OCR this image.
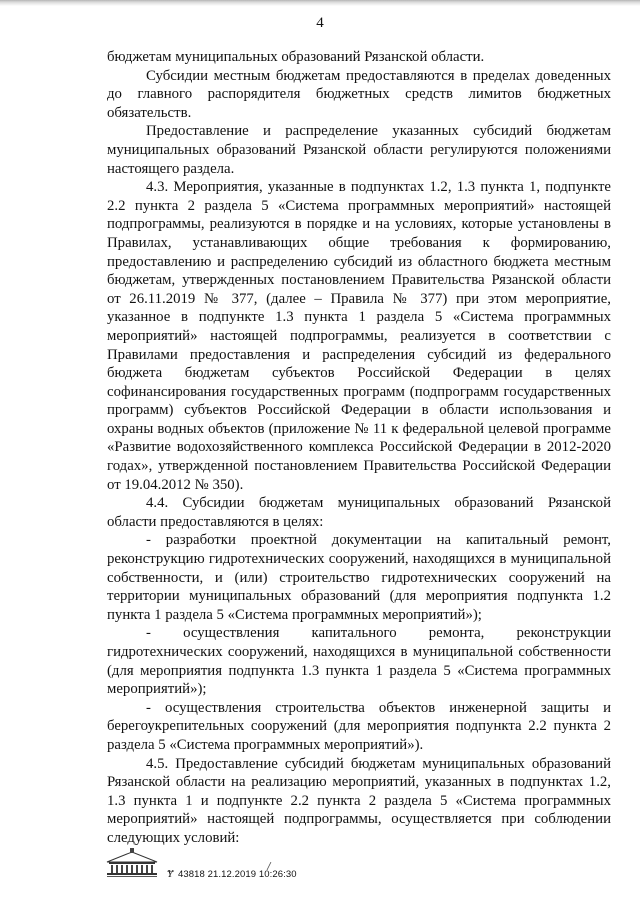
4

бюджетам муниципальных образований Рязанской области.

Субсидии местным бюджетам предоставляются в пределах доведенных до главного распорядителя бюджетных средств лимитов бюджетных обязательств.

Предоставление и распределение указанных субсидий бюджетам муниципальных образований Рязанской области регулируются положениями настоящего раздела.

4.3. Мероприятия, указанные в подпунктах 1.2, 1.3 пункта 1, подпункте 2.2 пункта 2 раздела 5 «Система программных мероприятий» настоящей подпрограммы, реализуются в порядке и на условиях, которые установлены в Правилах, устанавливающих общие требования к формированию, предоставлению и распределению субсидий из областного бюджета местным бюджетам, утвержденных постановлением Правительства Рязанской области от 26.11.2019 № 377, (далее – Правила № 377) при этом мероприятие, указанное в подпункте 1.3 пункта 1 раздела 5 «Система программных мероприятий» настоящей подпрограммы, реализуется в соответствии с Правилами предоставления и распределения субсидий из федерального бюджета бюджетам субъектов Российской Федерации в целях софинансирования государственных программ (подпрограмм государственных программ) субъектов Российской Федерации в области использования и охраны водных объектов (приложение № 11 к федеральной целевой программе «Развитие водохозяйственного комплекса Российской Федерации в 2012-2020 годах», утвержденной постановлением Правительства Российской Федерации от 19.04.2012 № 350).

4.4. Субсидии бюджетам муниципальных образований Рязанской области предоставляются в целях:

- разработки проектной документации на капитальный ремонт, реконструкцию гидротехнических сооружений, находящихся в муниципальной собственности, и (или) строительство гидротехнических сооружений на территории муниципальных образований (для мероприятия подпункта 1.2 пункта 1 раздела 5 «Система программных мероприятий»);

- осуществления капитального ремонта, реконструкции гидротехнических сооружений, находящихся в муниципальной собственности (для мероприятия подпункта 1.3 пункта 1 раздела 5 «Система программных мероприятий»);

- осуществления строительства объектов инженерной защиты и берегоукрепительных сооружений (для мероприятия подпункта 2.2 пункта 2 раздела 5 «Система программных мероприятий»).

4.5. Предоставление субсидий бюджетам муниципальных образований Рязанской области на реализацию мероприятий, указанных в подпунктах 1.2, 1.3 пункта 1 и подпункте 2.2 пункта 2 раздела 5 «Система программных мероприятий» настоящей подпрограммы, осуществляется при соблюдении следующих условий:

Ɏ 43818 21.12.2019 10:26:30
